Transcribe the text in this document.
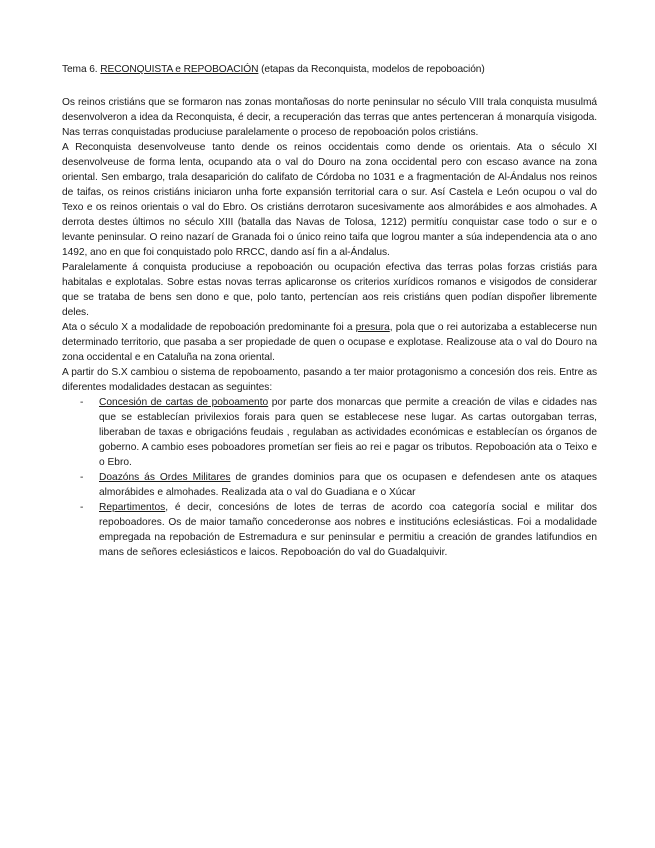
Tema 6. RECONQUISTA e REPOBOACIÓN (etapas da Reconquista, modelos de repoboación)

Os reinos cristiáns que se formaron nas zonas montañosas do norte peninsular no século VIII trala conquista musulmá desenvolveron a idea da Reconquista, é decir, a recuperación das terras que antes pertenceran á monarquía visigoda. Nas terras conquistadas produciuse paralelamente o proceso de repoboación polos cristiáns.

A Reconquista desenvolveuse tanto dende os reinos occidentais como dende os orientais. Ata o século XI desenvolveuse de forma lenta, ocupando ata o val do Douro na zona occidental pero con escaso avance na zona oriental. Sen embargo, trala desaparición do califato de Córdoba no 1031 e a fragmentación de Al-Ándalus nos reinos de taifas, os reinos cristiáns iniciaron unha forte expansión territorial cara o sur. Así Castela e León ocupou o val do Texo e os reinos orientais o val do Ebro. Os cristiáns derrotaron sucesivamente aos almorábides e aos almohades. A derrota destes últimos no século XIII (batalla das Navas de Tolosa, 1212) permitíu conquistar case todo o sur e o levante peninsular. O reino nazarí de Granada foi o único reino taifa que logrou manter a súa independencia ata o ano 1492, ano en que foi conquistado polo RRCC, dando así fin a al-Ándalus.

Paralelamente á conquista produciuse a repoboación ou ocupación efectiva das terras polas forzas cristiás para habitalas e explotalas. Sobre estas novas terras aplicaronse os criterios xurídicos romanos e visigodos de considerar que se trataba de bens sen dono e que, polo tanto, pertencían aos reis cristiáns quen podían dispoñer libremente deles.

Ata o século X a modalidade de repoboación predominante foi a presura, pola que o rei autorizaba a establecerse nun determinado territorio, que pasaba a ser propiedade de quen o ocupase e explotase. Realizouse ata o val do Douro na zona occidental e en Cataluña na zona oriental.

A partir do S.X cambiou o sistema de repoboamento, pasando a ter maior protagonismo a concesión dos reis. Entre as diferentes modalidades destacan as seguintes:

- Concesión de cartas de poboamento por parte dos monarcas que permite a creación de vilas e cidades nas que se establecían privilexios forais para quen se establecese nese lugar. As cartas outorgaban terras, liberaban de taxas e obrigacións feudais , regulaban as actividades económicas e establecían os órganos de goberno. A cambio eses poboadores prometían ser fieis ao rei e pagar os tributos. Repoboación ata o Teixo e o Ebro.
- Doazóns ás Ordes Militares de grandes dominios para que os ocupasen e defendesen ante os ataques almorábides e almohades. Realizada ata o val do Guadiana e o Xúcar
- Repartimentos, é decir, concesións de lotes de terras de acordo coa categoría social e militar dos repoboadores. Os de maior tamaño concederonse aos nobres e institucións eclesiásticas. Foi a modalidade empregada na repobación de Estremadura e sur peninsular e permitiu a creación de grandes latifundios en mans de señores eclesiásticos e laicos. Repoboación do val do Guadalquivir.
